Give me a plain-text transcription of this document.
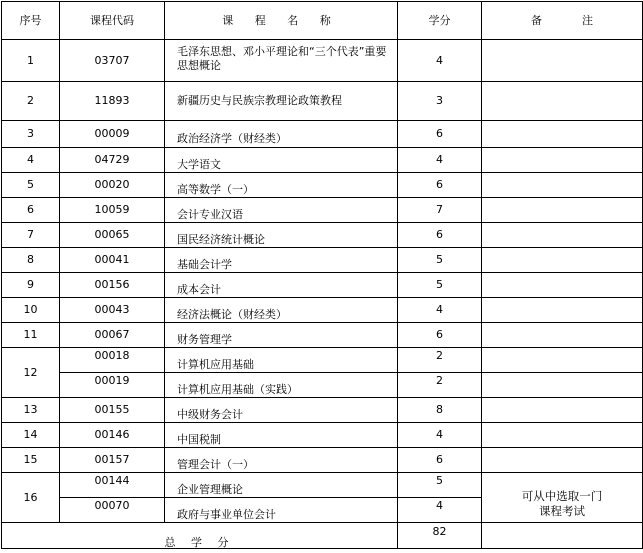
序号	课程代码	课 程 名 称	学分	备 注
1	03707	毛泽东思想、邓小平理论和“三个代表”重要思想概论	4	
2	11893	新疆历史与民族宗教理论政策教程	3	
3	00009	政治经济学（财经类）	6	
4	04729	大学语文	4	
5	00020	高等数学（一）	6	
6	10059	会计专业汉语	7	
7	00065	国民经济统计概论	6	
8	00041	基础会计学	5	
9	00156	成本会计	5	
10	00043	经济法概论（财经类）	4	
11	00067	财务管理学	6	
12	00018	计算机应用基础	2	
	00019	计算机应用基础（实践）	2	
13	00155	中级财务会计	8	
14	00146	中国税制	4	
15	00157	管理会计（一）	6	
16	00144	企业管理概论	5	可从中选取一门课程考试
	00070	政府与事业单位会计	4	
总 学 分			82	
